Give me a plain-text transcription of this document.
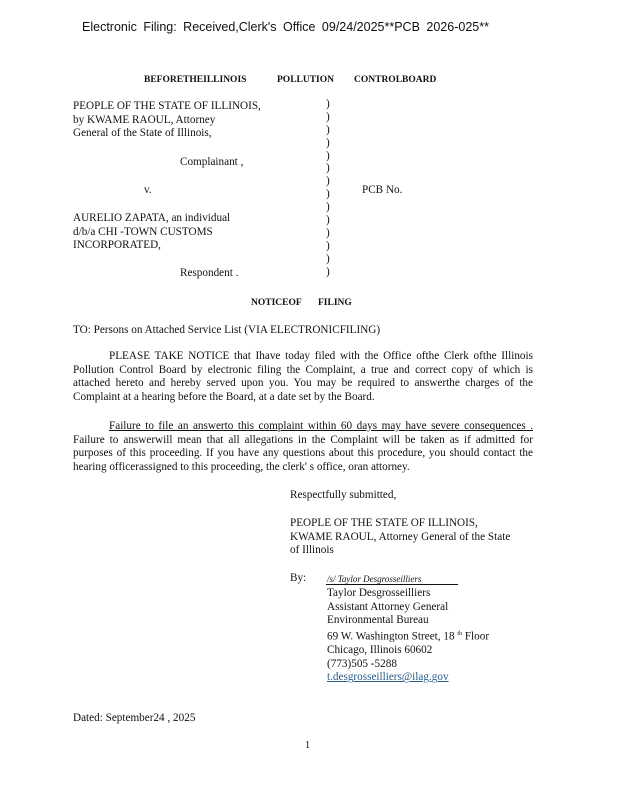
Electronic Filing: Received,Clerk's Office 09/24/2025**PCB 2026-025**
BEFORETHEILLINOIS	POLLUTION CONTROLBOARD
PEOPLE OF THE STATE OF ILLINOIS,
by KWAME RAOUL, Attorney
General of the State of Illinois,
Complainant ,
v.	PCB No.
AURELIO ZAPATA, an individual
d/b/a CHI -TOWN CUSTOMS
INCORPORATED,
Respondent .
)
)
)
)
)
)
)
)
)
)
)
)
)
)
NOTICEOF FILING
TO: Persons on Attached Service List (VIA ELECTRONICFILING)

PLEASE TAKE NOTICE that Ihave today filed with the Office ofthe Clerk ofthe Illinois Pollution Control Board by electronic filing the Complaint, a true and correct copy of which is attached hereto and hereby served upon you. You may be required to answerthe charges of the Complaint at a hearing before the Board, at a date set by the Board.

Failure to file an answerto this complaint within 60 days may have severe consequences . Failure to answerwill mean that all allegations in the Complaint will be taken as if admitted for purposes of this proceeding. If you have any questions about this procedure, you should contact the hearing officerassigned to this proceeding, the clerk' s office, oran attorney.

Respectfully submitted,
PEOPLE OF THE STATE OF ILLINOIS,
KWAME RAOUL, Attorney General of the State
of Illinois
By: /s/ Taylor Desgrosseilliers
Taylor Desgrosseilliers
Assistant Attorney General
Environmental Bureau
69 W. Washington Street, 18 $^{th}$ Floor
Chicago, Illinois 60602
(773)505 -5288
t.desgrosseilliers@ilag.gov
Dated: September24 , 2025
1
